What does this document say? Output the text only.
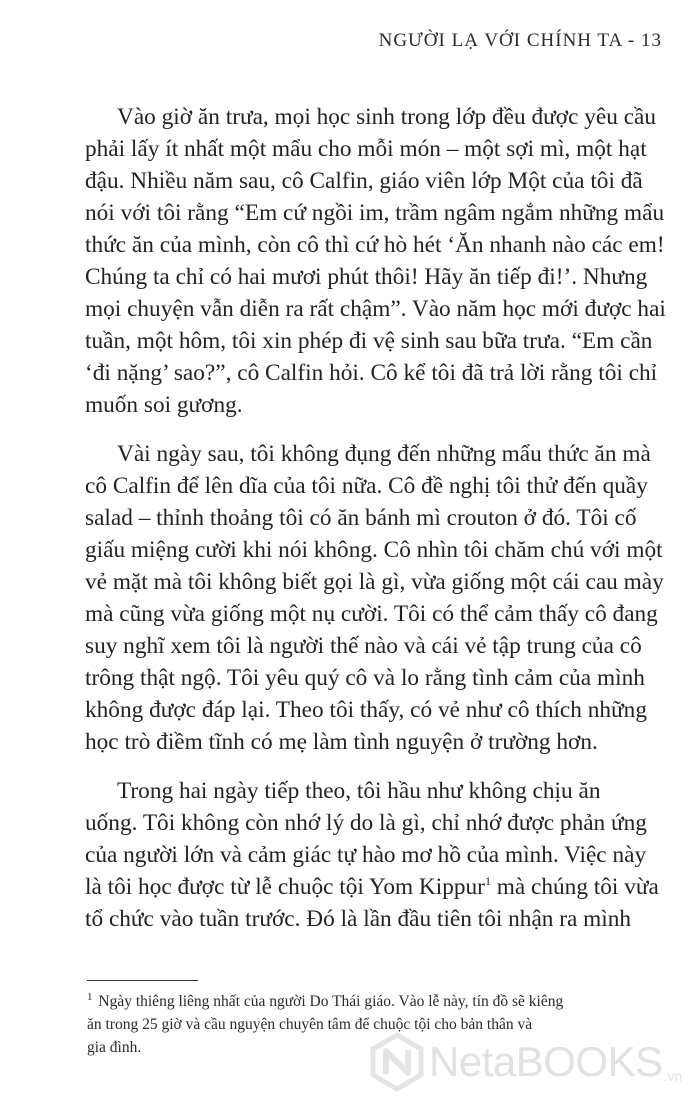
NGƯỜI LẠ VỚI CHÍNH TA - 13

Vào giờ ăn trưa, mọi học sinh trong lớp đều được yêu cầu
phải lấy ít nhất một mẩu cho mỗi món – một sợi mì, một hạt
đậu. Nhiều năm sau, cô Calfin, giáo viên lớp Một của tôi đã
nói với tôi rằng “Em cứ ngồi im, trầm ngâm ngắm những mẩu
thức ăn của mình, còn cô thì cứ hò hét ‘Ăn nhanh nào các em!
Chúng ta chỉ có hai mươi phút thôi! Hãy ăn tiếp đi!’. Nhưng
mọi chuyện vẫn diễn ra rất chậm”. Vào năm học mới được hai
tuần, một hôm, tôi xin phép đi vệ sinh sau bữa trưa. “Em cần
‘đi nặng’ sao?”, cô Calfin hỏi. Cô kể tôi đã trả lời rằng tôi chỉ
muốn soi gương.

Vài ngày sau, tôi không đụng đến những mẩu thức ăn mà
cô Calfin để lên dĩa của tôi nữa. Cô đề nghị tôi thử đến quầy
salad – thỉnh thoảng tôi có ăn bánh mì crouton ở đó. Tôi cố
giấu miệng cười khi nói không. Cô nhìn tôi chăm chú với một
vẻ mặt mà tôi không biết gọi là gì, vừa giống một cái cau mày
mà cũng vừa giống một nụ cười. Tôi có thể cảm thấy cô đang
suy nghĩ xem tôi là người thế nào và cái vẻ tập trung của cô
trông thật ngộ. Tôi yêu quý cô và lo rằng tình cảm của mình
không được đáp lại. Theo tôi thấy, có vẻ như cô thích những
học trò điềm tĩnh có mẹ làm tình nguyện ở trường hơn.

Trong hai ngày tiếp theo, tôi hầu như không chịu ăn
uống. Tôi không còn nhớ lý do là gì, chỉ nhớ được phản ứng
của người lớn và cảm giác tự hào mơ hồ của mình. Việc này
là tôi học được từ lễ chuộc tội Yom Kippur$^1$ mà chúng tôi vừa
tổ chức vào tuần trước. Đó là lần đầu tiên tôi nhận ra mình

$^1$ Ngày thiêng liêng nhất của người Do Thái giáo. Vào lễ này, tín đồ sẽ kiêng
ăn trong 25 giờ và cầu nguyện chuyên tâm để chuộc tội cho bản thân và
gia đình.	NetaBOOKS .vn
